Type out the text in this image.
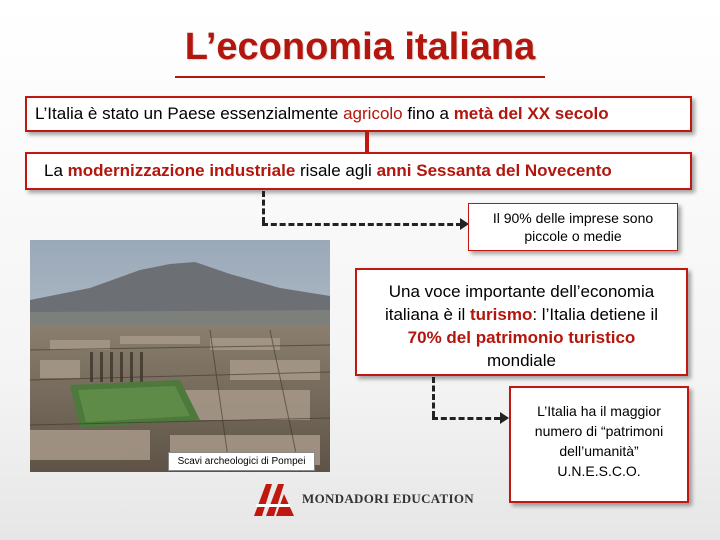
L’economia italiana
L’Italia è stato un Paese essenzialmente agricolo fino a metà del XX secolo
La modernizzazione industriale risale agli anni Sessanta del Novecento
Il 90% delle imprese sono
piccole o medie
Scavi archeologici di Pompei
Una voce importante dell’economia
italiana è il turismo: l’Italia detiene il
70% del patrimonio turistico
mondiale
L’Italia ha il maggior
numero di “patrimoni
dell’umanità”
U.N.E.S.C.O.
MONDADORI EDUCATION
